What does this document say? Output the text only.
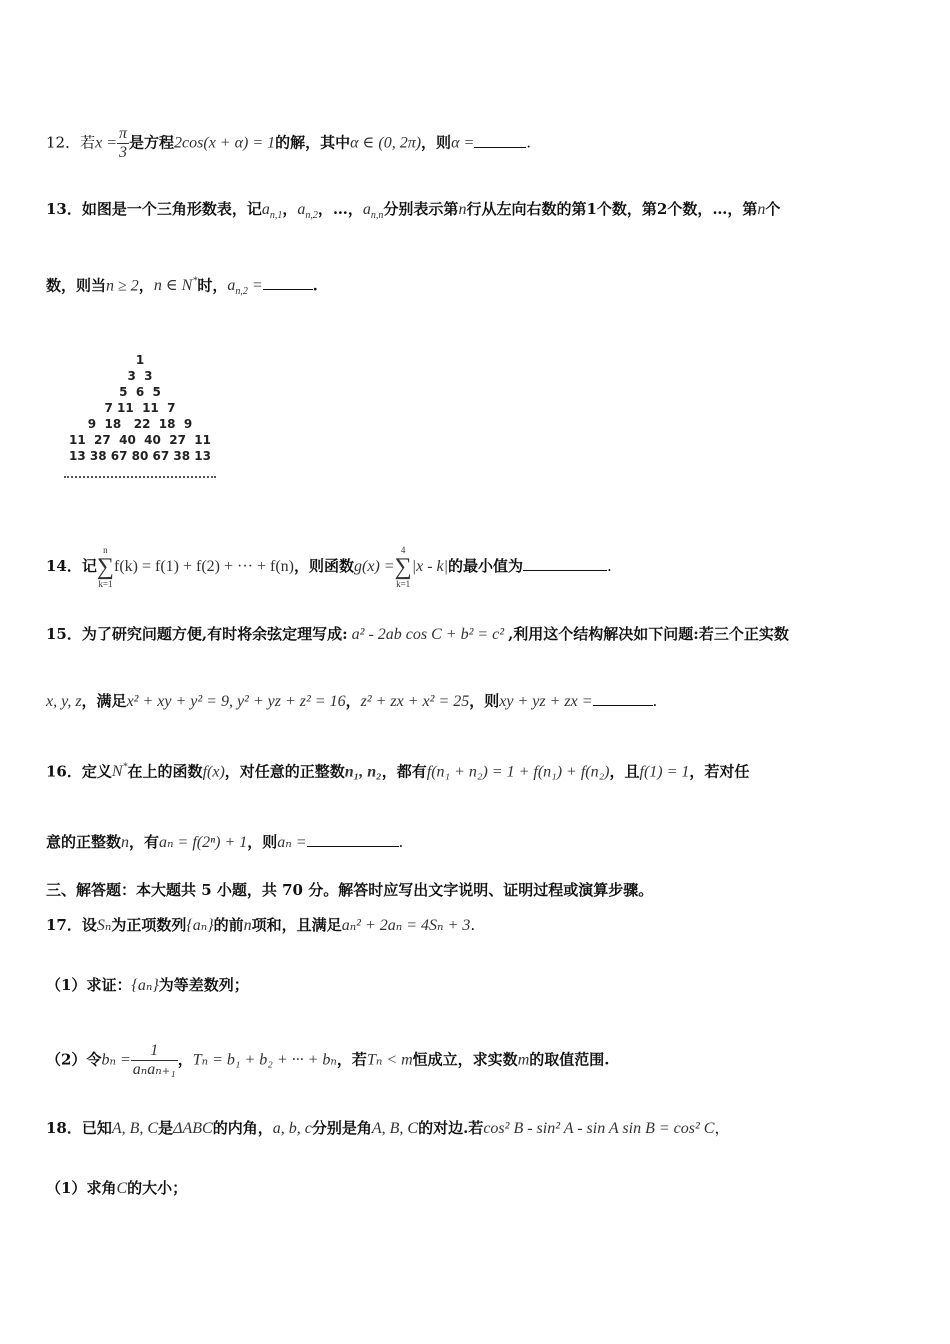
12．若$x = \frac{\pi}{3}$ 是方程2cos(x + α) = 1的解，其中α ∈ (0, 2π)，则α =	.
13．如图是一个三角形数表，记$a_{n,1}$，$a_{n,2}$，…，$a_{n,n}$分别表示第n行从左向右数的第1个数，第2个数，…，第n个
数，则当n ≥ 2，n ∈ N*时，$a_{n,2}$ =	.
1
3  3
5  6  5
7 11  11  7
9  18   22  18  9
11  27  40  40  27  11
13 38 67 80 67 38 13
14．记
n
∑
k=1
f(k) = f(1) + f(2) + ··· + f(n)，则函数g(x) =
4
∑
k=1
|x - k|的最小值为	.
15．为了研究问题方便,有时将余弦定理写成: a² - 2ab cos C + b² = c² ,利用这个结构解决如下问题:若三个正实数
x, y, z，满足x² + xy + y² = 9, y² + yz + z² = 16，z² + zx + x² = 25，则xy + yz + zx =	.
16．定义N*在上的函数f(x)，对任意的正整数n₁, n₂，都有f(n₁ + n₂) = 1 + f(n₁) + f(n₂)，且f(1) = 1，若对任
意的正整数n，有aₙ = f(2ⁿ) + 1，则aₙ =	.
三、解答题：本大题共 5 小题，共 70 分。解答时应写出文字说明、证明过程或演算步骤。
17．设Sₙ为正项数列{aₙ}的前n项和，且满足aₙ² + 2aₙ = 4Sₙ + 3.
（1）求证：{aₙ}为等差数列；
（2）令$b_n = \frac{1}{\text{aₙaₙ₊₁}}$ ，Tₙ = b₁ + b₂ + ··· + bₙ，若Tₙ < m恒成立，求实数m的取值范围.
18．已知A, B, C是ΔABC的内角，a, b, c分别是角A, B, C的对边.若cos² B - sin² A - sin A sin B = cos² C，
（1）求角C的大小；
